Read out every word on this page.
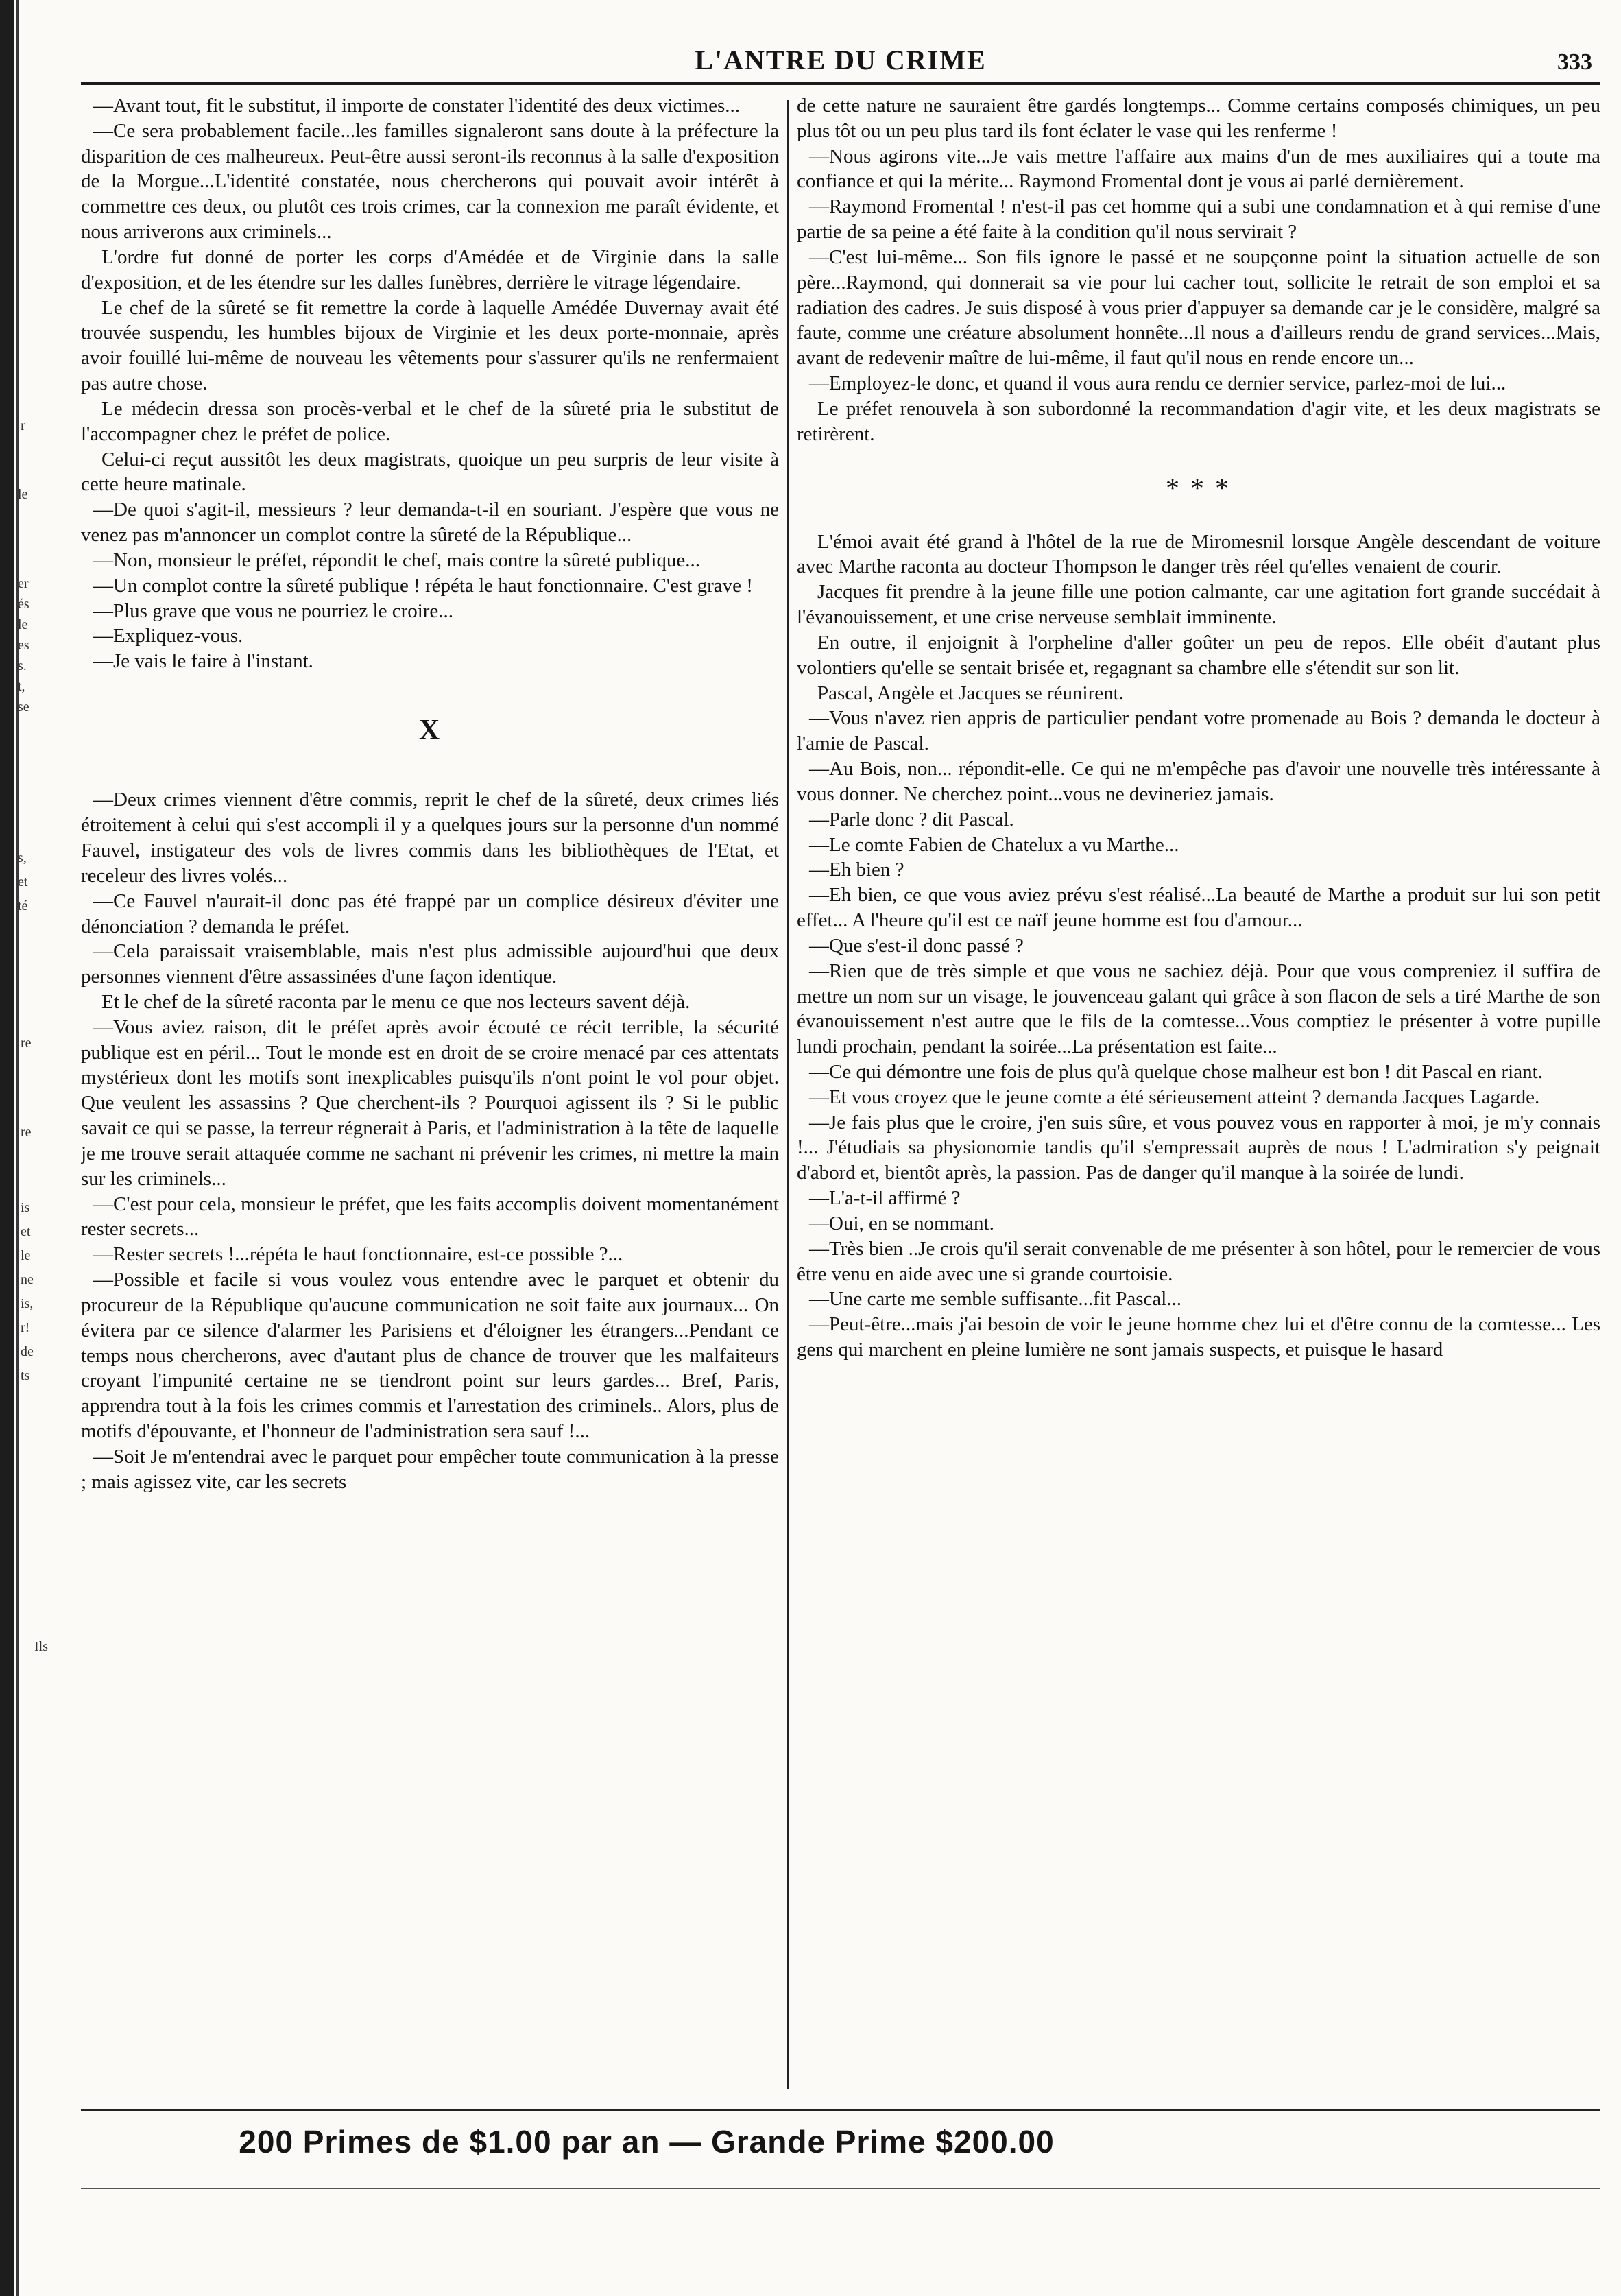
r
le
er
és
le
es
s.
t,
se
s,
et
té
re
re
is
et
le
ne
is,
r!
de
ts
Ils
L'ANTRE DU CRIME	333

—Avant tout, fit le substitut, il importe de constater l'identité des deux victimes...

—Ce sera probablement facile...les familles signaleront sans doute à la préfecture la disparition de ces malheureux. Peut-être aussi seront-ils reconnus à la salle d'exposition de la Morgue...L'identité constatée, nous chercherons qui pouvait avoir intérêt à commettre ces deux, ou plutôt ces trois crimes, car la connexion me paraît évidente, et nous arriverons aux criminels...

L'ordre fut donné de porter les corps d'Amédée et de Virginie dans la salle d'exposition, et de les étendre sur les dalles funèbres, derrière le vitrage légendaire.

Le chef de la sûreté se fit remettre la corde à laquelle Amédée Duvernay avait été trouvée suspendu, les humbles bijoux de Virginie et les deux porte-monnaie, après avoir fouillé lui-même de nouveau les vêtements pour s'assurer qu'ils ne renfermaient pas autre chose.

Le médecin dressa son procès-verbal et le chef de la sûreté pria le substitut de l'accompagner chez le préfet de police.

Celui-ci reçut aussitôt les deux magistrats, quoique un peu surpris de leur visite à cette heure matinale.

—De quoi s'agit-il, messieurs ? leur demanda-t-il en souriant. J'espère que vous ne venez pas m'annoncer un complot contre la sûreté de la République...

—Non, monsieur le préfet, répondit le chef, mais contre la sûreté publique...

—Un complot contre la sûreté publique ! répéta le haut fonctionnaire. C'est grave !

—Plus grave que vous ne pourriez le croire...

—Expliquez-vous.

—Je vais le faire à l'instant.

X

—Deux crimes viennent d'être commis, reprit le chef de la sûreté, deux crimes liés étroitement à celui qui s'est accompli il y a quelques jours sur la personne d'un nommé Fauvel, instigateur des vols de livres commis dans les bibliothèques de l'Etat, et receleur des livres volés...

—Ce Fauvel n'aurait-il donc pas été frappé par un complice désireux d'éviter une dénonciation ? demanda le préfet.

—Cela paraissait vraisemblable, mais n'est plus admissible aujourd'hui que deux personnes viennent d'être assassinées d'une façon identique.

Et le chef de la sûreté raconta par le menu ce que nos lecteurs savent déjà.

—Vous aviez raison, dit le préfet après avoir écouté ce récit terrible, la sécurité publique est en péril... Tout le monde est en droit de se croire menacé par ces attentats mystérieux dont les motifs sont inexplicables puisqu'ils n'ont point le vol pour objet. Que veulent les assassins ? Que cherchent-ils ? Pourquoi agissent ils ? Si le public savait ce qui se passe, la terreur régnerait à Paris, et l'administration à la tête de laquelle je me trouve serait attaquée comme ne sachant ni prévenir les crimes, ni mettre la main sur les criminels...

—C'est pour cela, monsieur le préfet, que les faits accomplis doivent momentanément rester secrets...

—Rester secrets !...répéta le haut fonctionnaire, est-ce possible ?...

—Possible et facile si vous voulez vous entendre avec le parquet et obtenir du procureur de la République qu'aucune communication ne soit faite aux journaux... On évitera par ce silence d'alarmer les Parisiens et d'éloigner les étrangers...Pendant ce temps nous chercherons, avec d'autant plus de chance de trouver que les malfaiteurs croyant l'impunité certaine ne se tiendront point sur leurs gardes... Bref, Paris, apprendra tout à la fois les crimes commis et l'arrestation des criminels.. Alors, plus de motifs d'épouvante, et l'honneur de l'administration sera sauf !...

—Soit Je m'entendrai avec le parquet pour empêcher toute communication à la presse ; mais agissez vite, car les secrets

de cette nature ne sauraient être gardés longtemps... Comme certains composés chimiques, un peu plus tôt ou un peu plus tard ils font éclater le vase qui les renferme !

—Nous agirons vite...Je vais mettre l'affaire aux mains d'un de mes auxiliaires qui a toute ma confiance et qui la mérite... Raymond Fromental dont je vous ai parlé dernièrement.

—Raymond Fromental ! n'est-il pas cet homme qui a subi une condamnation et à qui remise d'une partie de sa peine a été faite à la condition qu'il nous servirait ?

—C'est lui-même... Son fils ignore le passé et ne soupçonne point la situation actuelle de son père...Raymond, qui donnerait sa vie pour lui cacher tout, sollicite le retrait de son emploi et sa radiation des cadres. Je suis disposé à vous prier d'appuyer sa demande car je le considère, malgré sa faute, comme une créature absolument honnête...Il nous a d'ailleurs rendu de grand services...Mais, avant de redevenir maître de lui-même, il faut qu'il nous en rende encore un...

—Employez-le donc, et quand il vous aura rendu ce dernier service, parlez-moi de lui...

Le préfet renouvela à son subordonné la recommandation d'agir vite, et les deux magistrats se retirèrent.

* * *

L'émoi avait été grand à l'hôtel de la rue de Miromesnil lorsque Angèle descendant de voiture avec Marthe raconta au docteur Thompson le danger très réel qu'elles venaient de courir.

Jacques fit prendre à la jeune fille une potion calmante, car une agitation fort grande succédait à l'évanouissement, et une crise nerveuse semblait imminente.

En outre, il enjoignit à l'orpheline d'aller goûter un peu de repos. Elle obéit d'autant plus volontiers qu'elle se sentait brisée et, regagnant sa chambre elle s'étendit sur son lit.

Pascal, Angèle et Jacques se réunirent.

—Vous n'avez rien appris de particulier pendant votre promenade au Bois ? demanda le docteur à l'amie de Pascal.

—Au Bois, non... répondit-elle. Ce qui ne m'empêche pas d'avoir une nouvelle très intéressante à vous donner. Ne cherchez point...vous ne devineriez jamais.

—Parle donc ? dit Pascal.

—Le comte Fabien de Chatelux a vu Marthe...

—Eh bien ?

—Eh bien, ce que vous aviez prévu s'est réalisé...La beauté de Marthe a produit sur lui son petit effet... A l'heure qu'il est ce naïf jeune homme est fou d'amour...

—Que s'est-il donc passé ?

—Rien que de très simple et que vous ne sachiez déjà. Pour que vous compreniez il suffira de mettre un nom sur un visage, le jouvenceau galant qui grâce à son flacon de sels a tiré Marthe de son évanouissement n'est autre que le fils de la comtesse...Vous comptiez le présenter à votre pupille lundi prochain, pendant la soirée...La présentation est faite...

—Ce qui démontre une fois de plus qu'à quelque chose malheur est bon ! dit Pascal en riant.

—Et vous croyez que le jeune comte a été sérieusement atteint ? demanda Jacques Lagarde.

—Je fais plus que le croire, j'en suis sûre, et vous pouvez vous en rapporter à moi, je m'y connais !... J'étudiais sa physionomie tandis qu'il s'empressait auprès de nous ! L'admiration s'y peignait d'abord et, bientôt après, la passion. Pas de danger qu'il manque à la soirée de lundi.

—L'a-t-il affirmé ?

—Oui, en se nommant.

—Très bien ..Je crois qu'il serait convenable de me présenter à son hôtel, pour le remercier de vous être venu en aide avec une si grande courtoisie.

—Une carte me semble suffisante...fit Pascal...

—Peut-être...mais j'ai besoin de voir le jeune homme chez lui et d'être connu de la comtesse... Les gens qui marchent en pleine lumière ne sont jamais suspects, et puisque le hasard

200 Primes de $1.00 par an — Grande Prime $200.00
